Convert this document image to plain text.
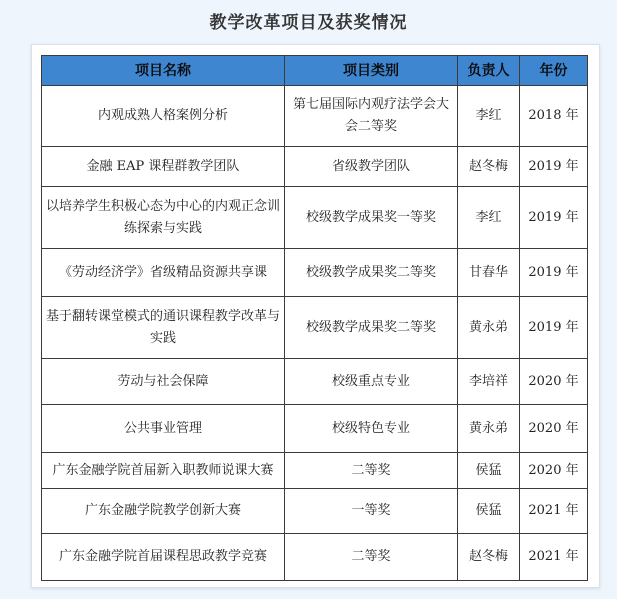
教学改革项目及获奖情况
项目名称	项目类别	负责人	年份
内观成熟人格案例分析	第七届国际内观疗法学会大会二等奖	李红	2018 年
金融 EAP 课程群教学团队	省级教学团队	赵冬梅	2019 年
以培养学生积极心态为中心的内观正念训练探索与实践	校级教学成果奖一等奖	李红	2019 年
《劳动经济学》省级精品资源共享课	校级教学成果奖二等奖	甘春华	2019 年
基于翻转课堂模式的通识课程教学改革与实践	校级教学成果奖二等奖	黄永弟	2019 年
劳动与社会保障	校级重点专业	李培祥	2020 年
公共事业管理	校级特色专业	黄永弟	2020 年
广东金融学院首届新入职教师说课大赛	二等奖	侯猛	2020 年
广东金融学院教学创新大赛	一等奖	侯猛	2021 年
广东金融学院首届课程思政教学竞赛	二等奖	赵冬梅	2021 年
